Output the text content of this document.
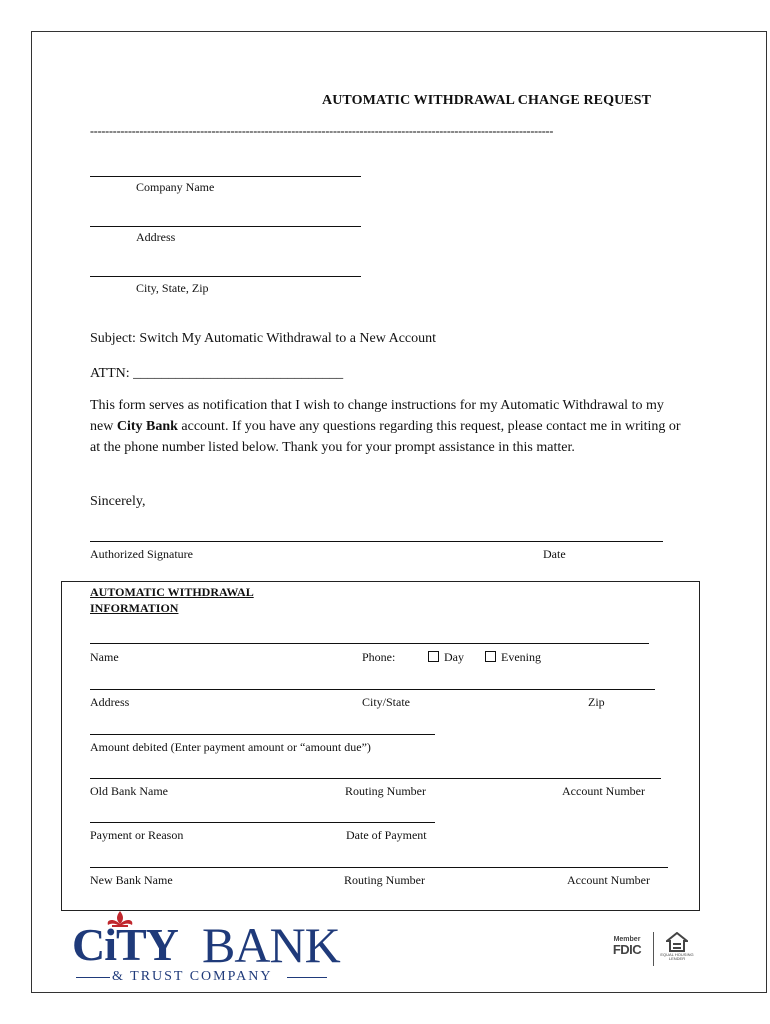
AUTOMATIC WITHDRAWAL CHANGE REQUEST
--------------------------------------------------------------------------------------------------------------------------
Company Name
Address
City, State, Zip
Subject: Switch My Automatic Withdrawal to a New Account
ATTN: ______________________________
This form serves as notification that I wish to change instructions for my Automatic Withdrawal to my new City Bank account. If you have any questions regarding this request, please contact me in writing or at the phone number listed below. Thank you for your prompt assistance in this matter.
Sincerely,
Authorized Signature	Date
AUTOMATIC WITHDRAWAL
INFORMATION
Name	Phone:	Day	Evening
Address	City/State	Zip
Amount debited (Enter payment amount or “amount due”)
Old Bank Name	Routing Number	Account Number
Payment or Reason	Date of Payment
New Bank Name	Routing Number	Account Number
CiTY BANK
& TRUST COMPANY
Member
FDIC	EQUAL HOUSING
LENDER
